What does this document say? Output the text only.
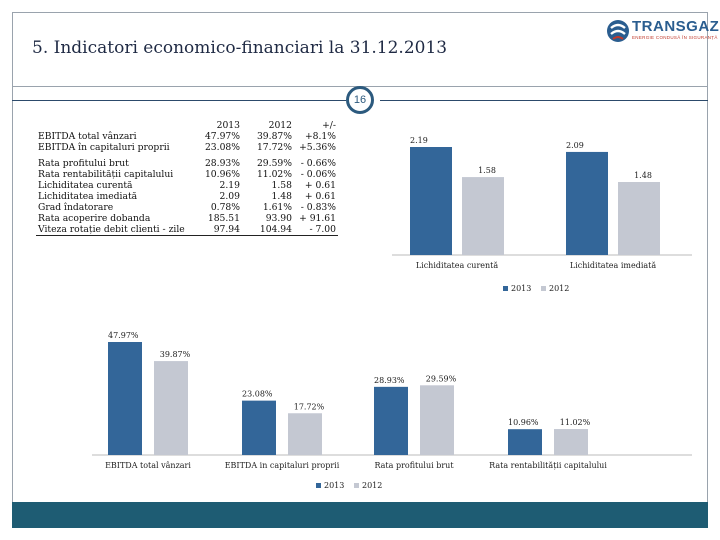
5. Indicatori economico-financiari la 31.12.2013
TRANSGAZ
ENERGIE CONDUSĂ ÎN SIGURANȚĂ
16
	2013	2012	+/-
EBITDA total vânzari	47.97%	39.87%	+8.1%
EBITDA în capitaluri proprii	23.08%	17.72%	+5.36%

Rata profitului brut	28.93%	29.59%	- 0.66%
Rata rentabilității capitalului	10.96%	11.02%	- 0.06%
Lichiditatea curentă	2.19	1.58	+ 0.61
Lichiditatea imediată	2.09	1.48	+ 0.61
Grad îndatorare	0.78%	1.61%	- 0.83%
Rata acoperire dobanda	185.51	93.90	+ 91.61
Viteza rotație debit clienti - zile	97.94	104.94	- 7.00
2.19
1.58
Lichiditatea curentă
2.09
1.48
Lichiditatea imediată
2013 2012
47.97%
39.87%
EBITDA total vânzari
23.08%
17.72%
EBITDA in capitaluri proprii
28.93%	29.59%
Rata profitului brut
10.96%	11.02%
Rata rentabilității capitalului
2013 2012
